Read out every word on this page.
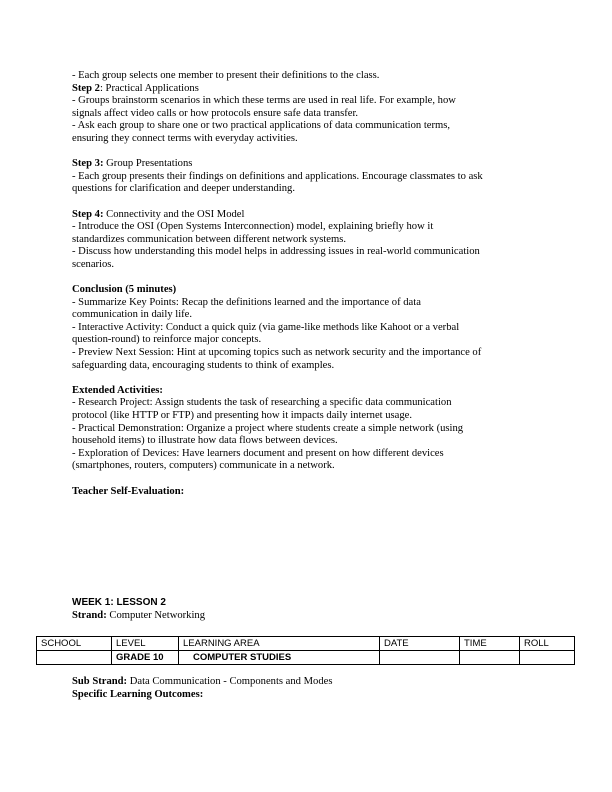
- Each group selects one member to present their definitions to the class.

Step 2: Practical Applications

- Groups brainstorm scenarios in which these terms are used in real life. For example, how

signals affect video calls or how protocols ensure safe data transfer.

- Ask each group to share one or two practical applications of data communication terms,

ensuring they connect terms with everyday activities.

Step 3: Group Presentations

- Each group presents their findings on definitions and applications. Encourage classmates to ask

questions for clarification and deeper understanding.

Step 4: Connectivity and the OSI Model

- Introduce the OSI (Open Systems Interconnection) model, explaining briefly how it

standardizes communication between different network systems.

- Discuss how understanding this model helps in addressing issues in real-world communication

scenarios.

Conclusion (5 minutes)

- Summarize Key Points: Recap the definitions learned and the importance of data

communication in daily life.

- Interactive Activity: Conduct a quick quiz (via game-like methods like Kahoot or a verbal

question-round) to reinforce major concepts.

- Preview Next Session: Hint at upcoming topics such as network security and the importance of

safeguarding data, encouraging students to think of examples.

Extended Activities:

- Research Project: Assign students the task of researching a specific data communication

protocol (like HTTP or FTP) and presenting how it impacts daily internet usage.

- Practical Demonstration: Organize a project where students create a simple network (using

household items) to illustrate how data flows between devices.

- Exploration of Devices: Have learners document and present on how different devices

(smartphones, routers, computers) communicate in a network.

Teacher Self-Evaluation:

WEEK 1: LESSON 2
Strand: Computer Networking
SCHOOL	LEVEL	LEARNING AREA	DATE	TIME	ROLL
	GRADE 10	COMPUTER STUDIES			

Sub Strand: Data Communication - Components and Modes

Specific Learning Outcomes:
